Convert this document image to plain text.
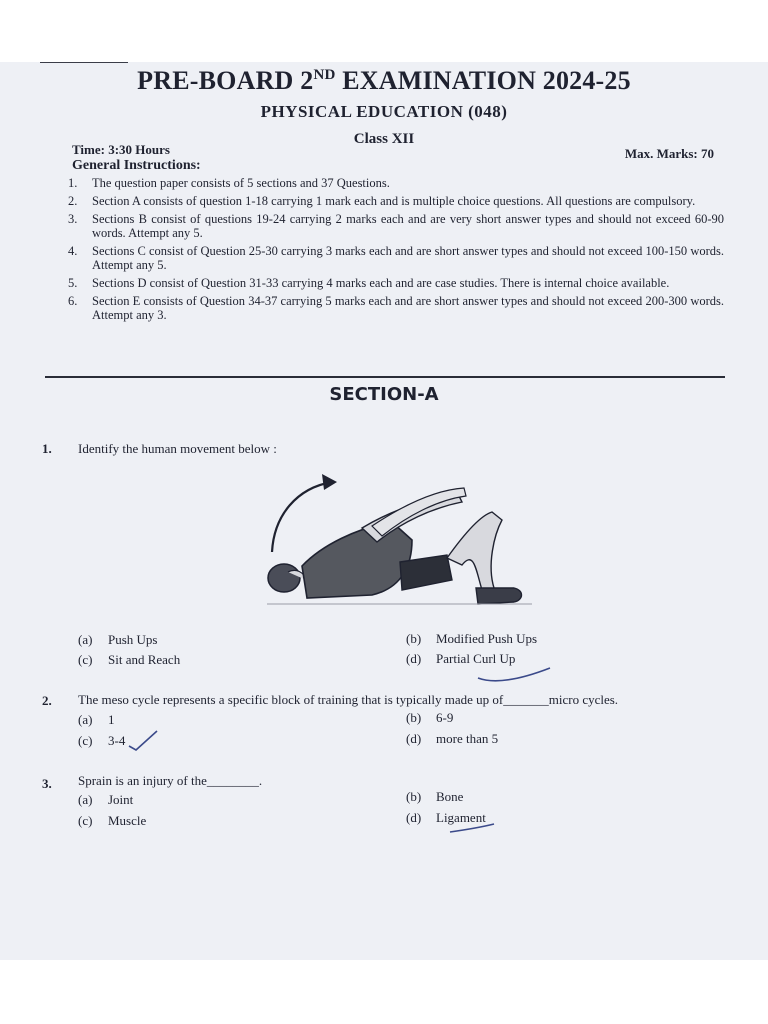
PRE-BOARD 2ND EXAMINATION 2024-25
PHYSICAL EDUCATION (048)
Class XII
Time: 3:30 Hours	Max. Marks: 70
General Instructions:
1.	The question paper consists of 5 sections and 37 Questions.
2.	Section A consists of question 1-18 carrying 1 mark each and is multiple choice questions. All questions are compulsory.
3.	Sections B consist of questions 19-24 carrying 2 marks each and are very short answer types and should not exceed 60-90 words. Attempt any 5.
4.	Sections C consist of Question 25-30 carrying 3 marks each and are short answer types and should not exceed 100-150 words. Attempt any 5.
5.	Sections D consist of Question 31-33 carrying 4 marks each and are case studies. There is internal choice available.
6.	Section E consists of Question 34-37 carrying 5 marks each and are short answer types and should not exceed 200-300 words. Attempt any 3.
SECTION-A
1. Identify the human movement below :
(a) Push Ups	(b) Modified Push Ups
(c) Sit and Reach	(d) Partial Curl Up
2. The meso cycle represents a specific block of training that is typically made up of_______micro cycles.
(a) 1	(b) 6-9
(c) 3-4	(d) more than 5
3. Sprain is an injury of the________.
(a) Joint	(b) Bone
(c) Muscle	(d) Ligament
